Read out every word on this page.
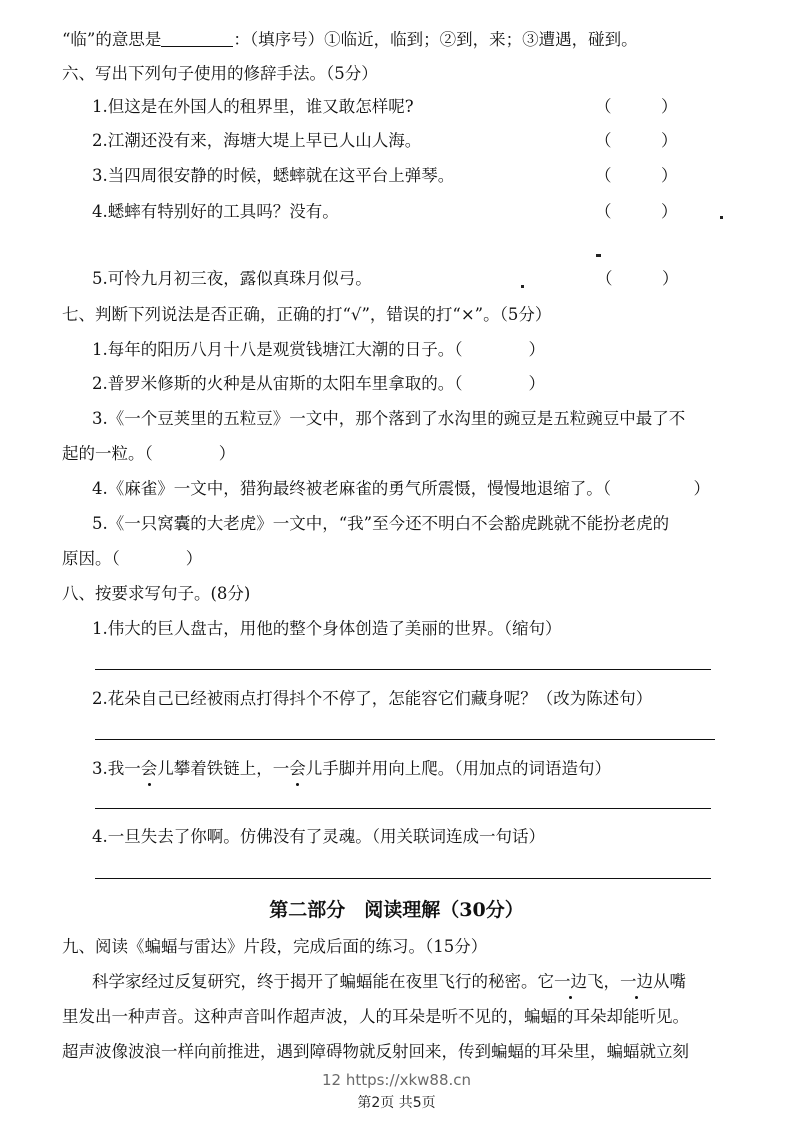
“临”的意思是	：（填序号）①临近，临到；②到，来；③遭遇，碰到。
六、写出下列句子使用的修辞手法。（5分）
1.但这是在外国人的租界里，谁又敢怎样呢?	（　　　）
2.江潮还没有来，海塘大堤上早已人山人海。	（　　　）
3.当四周很安静的时候，蟋蟀就在这平台上弹琴。	（　　　）
4.蟋蟀有特别好的工具吗？没有。	（　　　）
5.可怜九月初三夜，露似真珠月似弓。	（　　　）
七、判断下列说法是否正确，正确的打“√”，错误的打“×”。（5分）
1.每年的阳历八月十八是观赏钱塘江大潮的日子。（　　　　）
2.普罗米修斯的火种是从宙斯的太阳车里拿取的。（　　　　）
3.《一个豆荚里的五粒豆》一文中，那个落到了水沟里的豌豆是五粒豌豆中最了不
起的一粒。（　　　　）
4.《麻雀》一文中，猎狗最终被老麻雀的勇气所震慑，慢慢地退缩了。（　　　　　）
5.《一只窝囊的大老虎》一文中，“我”至今还不明白不会豁虎跳就不能扮老虎的
原因。（　　　　）
八、按要求写句子。(8分)
1.伟大的巨人盘古，用他的整个身体创造了美丽的世界。（缩句）
2.花朵自己已经被雨点打得抖个不停了，怎能容它们藏身呢？（改为陈述句）
3.我一会儿攀着铁链上，一会儿手脚并用向上爬。（用加点的词语造句）
4.一旦失去了你啊。仿佛没有了灵魂。（用关联词连成一句话）
第二部分　阅读理解（30分）
九、阅读《蝙蝠与雷达》片段，完成后面的练习。（15分）
科学家经过反复研究，终于揭开了蝙蝠能在夜里飞行的秘密。它一边飞，一边从嘴
里发出一种声音。这种声音叫作超声波，人的耳朵是听不见的，蝙蝠的耳朵却能听见。
超声波像波浪一样向前推进，遇到障碍物就反射回来，传到蝙蝠的耳朵里，蝙蝠就立刻
12 https://xkw88.cn
第2页 共5页
